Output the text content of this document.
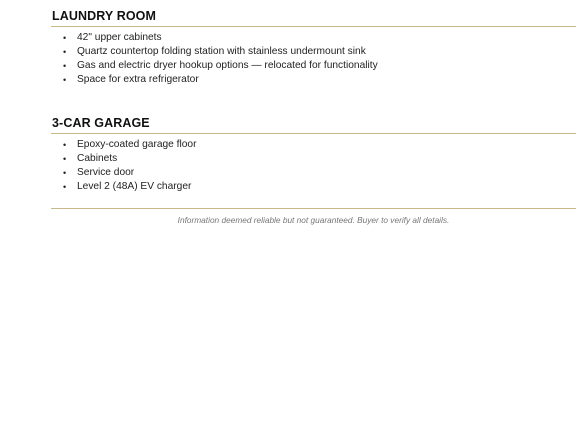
LAUNDRY ROOM
• 42" upper cabinets
• Quartz countertop folding station with stainless undermount sink
• Gas and electric dryer hookup options — relocated for functionality
• Space for extra refrigerator
3-CAR GARAGE
• Epoxy-coated garage floor
• Cabinets
• Service door
• Level 2 (48A) EV charger
Information deemed reliable but not guaranteed. Buyer to verify all details.
